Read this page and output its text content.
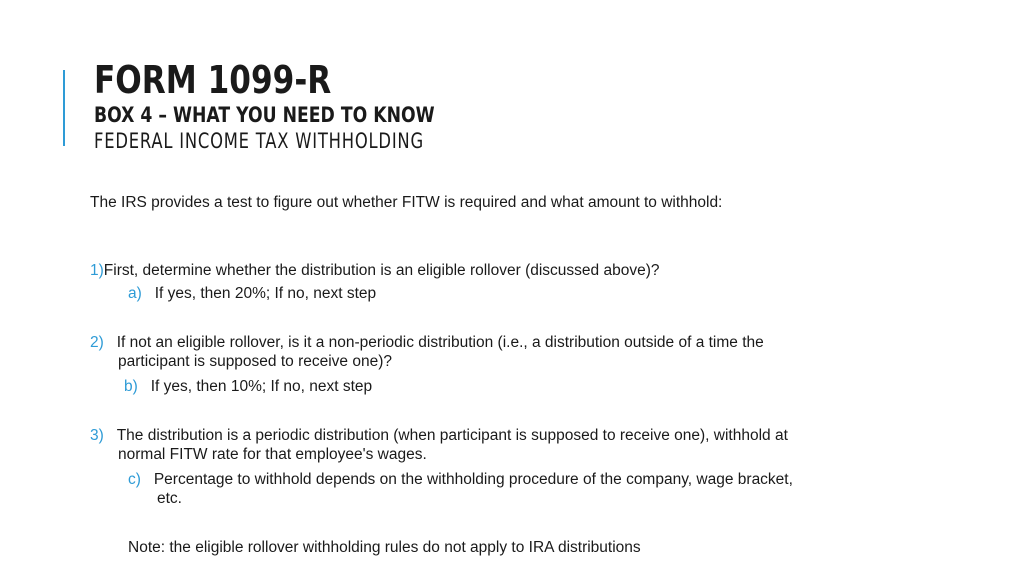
FORM 1099-R
BOX 4 – WHAT YOU NEED TO KNOW
FEDERAL INCOME TAX WITHHOLDING
The IRS provides a test to figure out whether FITW is required and what amount to withhold:
1)First, determine whether the distribution is an eligible rollover (discussed above)?
a) If yes, then 20%; If no, next step
2) If not an eligible rollover, is it a non-periodic distribution (i.e., a distribution outside of a time the
participant is supposed to receive one)?
b) If yes, then 10%; If no, next step
3) The distribution is a periodic distribution (when participant is supposed to receive one), withhold at
normal FITW rate for that employee's wages.
c) Percentage to withhold depends on the withholding procedure of the company, wage bracket,
etc.
Note: the eligible rollover withholding rules do not apply to IRA distributions
